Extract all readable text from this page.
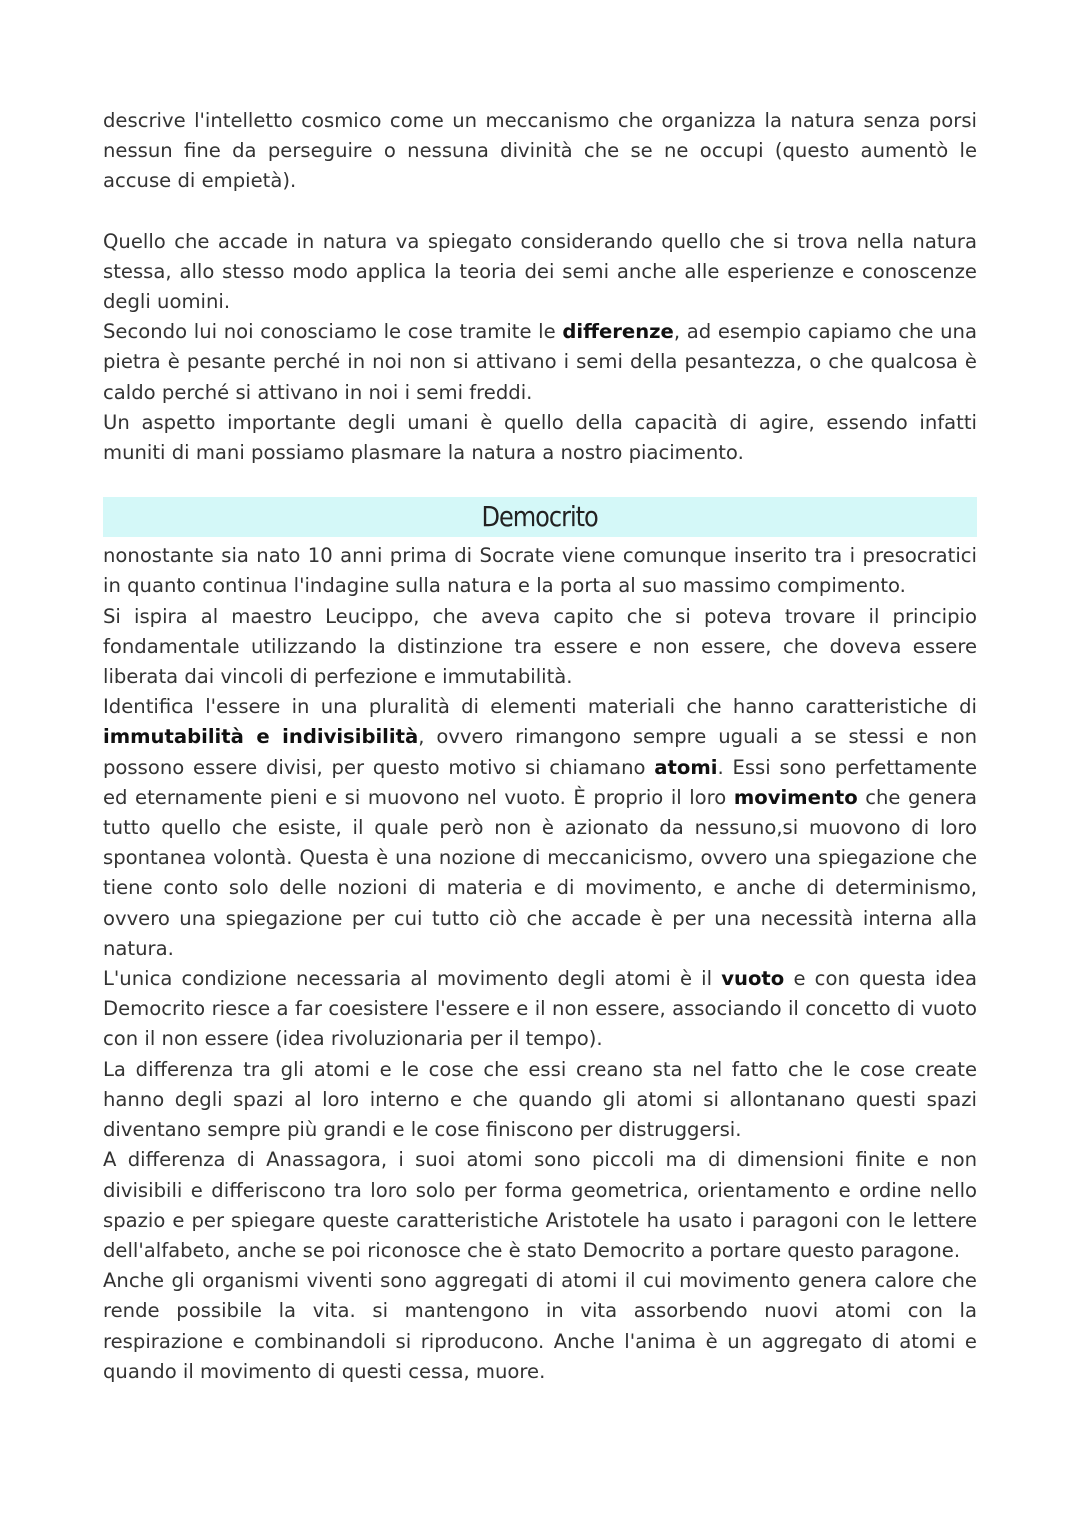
descrive l'intelletto cosmico come un meccanismo che organizza la natura senza porsi nessun fine da perseguire o nessuna divinità che se ne occupi (questo aumentò le accuse di empietà).

Quello che accade in natura va spiegato considerando quello che si trova nella natura stessa, allo stesso modo applica la teoria dei semi anche alle esperienze e conoscenze degli uomini.

Secondo lui noi conosciamo le cose tramite le differenze, ad esempio capiamo che una pietra è pesante perché in noi non si attivano i semi della pesantezza, o che qualcosa è caldo perché si attivano in noi i semi freddi.

Un aspetto importante degli umani è quello della capacità di agire, essendo infatti muniti di mani possiamo plasmare la natura a nostro piacimento.

Democrito

nonostante sia nato 10 anni prima di Socrate viene comunque inserito tra i presocratici in quanto continua l'indagine sulla natura e la porta al suo massimo compimento.

Si ispira al maestro Leucippo, che aveva capito che si poteva trovare il principio fondamentale utilizzando la distinzione tra essere e non essere, che doveva essere liberata dai vincoli di perfezione e immutabilità.

Identifica l'essere in una pluralità di elementi materiali che hanno caratteristiche di immutabilità e indivisibilità, ovvero rimangono sempre uguali a se stessi e non possono essere divisi, per questo motivo si chiamano atomi. Essi sono perfettamente ed eternamente pieni e si muovono nel vuoto. È proprio il loro movimento che genera tutto quello che esiste, il quale però non è azionato da nessuno,si muovono di loro spontanea volontà. Questa è una nozione di meccanicismo, ovvero una spiegazione che tiene conto solo delle nozioni di materia e di movimento, e anche di determinismo, ovvero una spiegazione per cui tutto ciò che accade è per una necessità interna alla natura.

L'unica condizione necessaria al movimento degli atomi è il vuoto e con questa idea Democrito riesce a far coesistere l'essere e il non essere, associando il concetto di vuoto con il non essere (idea rivoluzionaria per il tempo).

La differenza tra gli atomi e le cose che essi creano sta nel fatto che le cose create hanno degli spazi al loro interno e che quando gli atomi si allontanano questi spazi diventano sempre più grandi e le cose finiscono per distruggersi.

A differenza di Anassagora, i suoi atomi sono piccoli ma di dimensioni finite e non divisibili e differiscono tra loro solo per forma geometrica, orientamento e ordine nello spazio e per spiegare queste caratteristiche Aristotele ha usato i paragoni con le lettere dell'alfabeto, anche se poi riconosce che è stato Democrito a portare questo paragone.

Anche gli organismi viventi sono aggregati di atomi il cui movimento genera calore che rende possibile la vita. si mantengono in vita assorbendo nuovi atomi con la respirazione e combinandoli si riproducono. Anche l'anima è un aggregato di atomi e quando il movimento di questi cessa, muore.
